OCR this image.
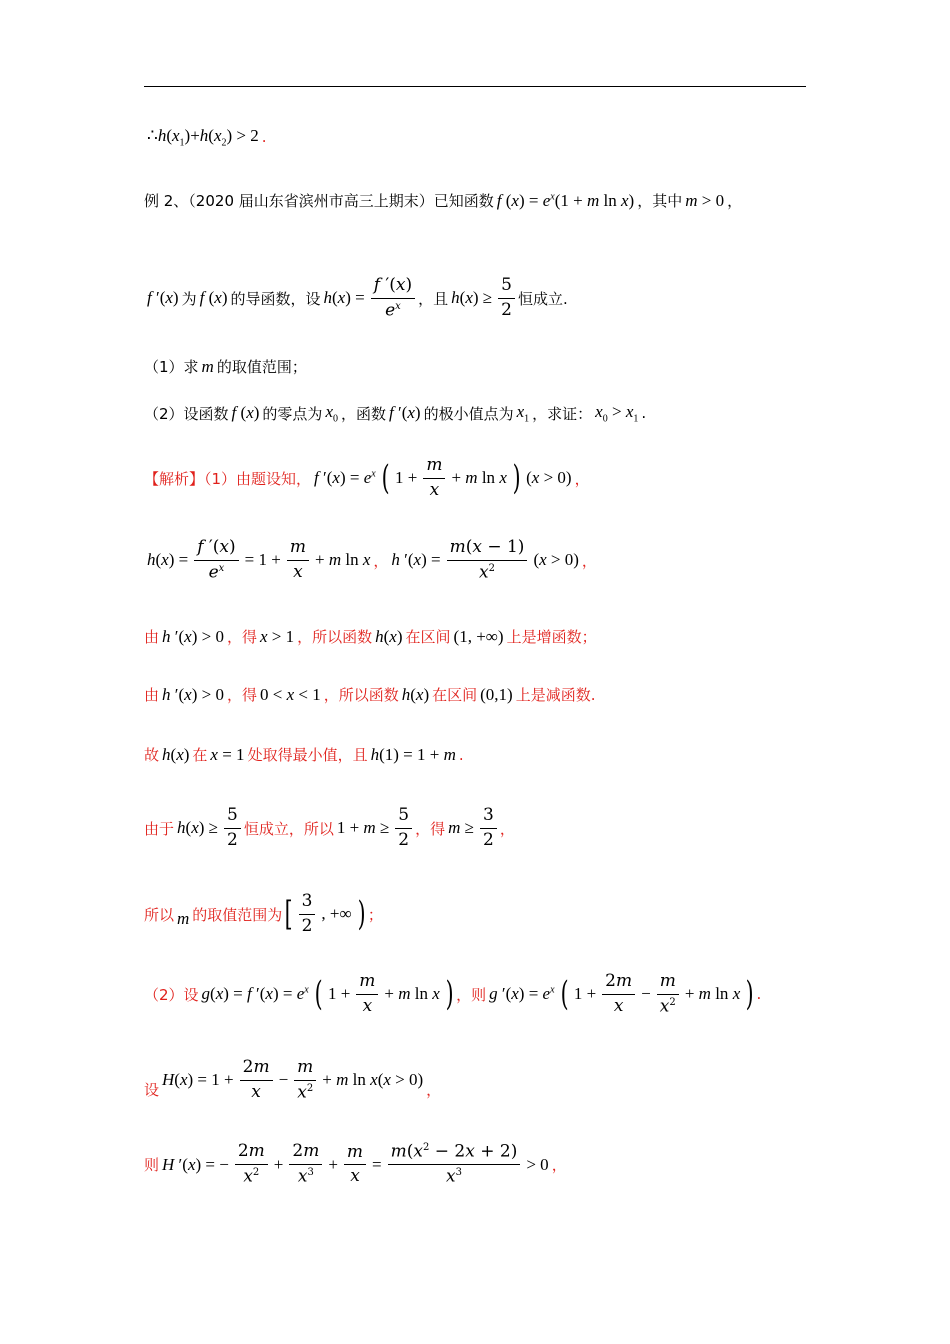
$\therefore h(x_1)+h(x_2) > 2$ .
例 2、（2020 届山东省滨州市高三上期末）已知函数 f $(x) = e^x(1 + m$ ln x) ，其中 m > 0 ，
f ′(x) 为 f (x) 的导函数，设 $h(x) = \frac{f '(x)}{e^x}$ ，且 $h(x) \ge \frac{5}{2}$ 恒成立.
（1）求 m 的取值范围；
（2）设函数 f (x) 的零点为 $x_0$ ，函数 f ′(x) 的极小值点为 $x_1$ ，求证： $x_0 > x_1$ .
【解析】（1）由题设知， f $'(x) = e^x$ ( $1 + \frac{m}{x} + m$ ln x ) (x > 0) ，
$h(x) = \frac{f '(x)}{e^x} = 1 + \frac{m}{x} + m$ ln x ， h $'(x) = \frac{m(x - 1)}{x^2} (x > 0)$ ，
由 h ′(x) > 0 ，得 x > 1 ，所以函数 h(x) 在区间 (1, +∞) 上是增函数；
由 h ′(x) > 0 ，得 0 < x < 1 ，所以函数 h(x) 在区间 (0,1) 上是减函数.
故 h(x) 在 x = 1 处取得最小值，且 h(1) = 1 + m .
由于 $h(x) \ge \frac{5}{2}$ 恒成立，所以 $1 + m \ge \frac{5}{2}$ ，得 $m \ge \frac{3}{2}$ ，
所以 m 的取值范围为 [ $\frac{3}{2}$ , +∞ ) ；
（2）设 g(x) = f $'(x) = e^x$ ( $1 + \frac{m}{x} + m$ ln x ) ，则 g $'(x) = e^x$ ( $1 + \frac{2m}{x} - \frac{m}{x^2} + m$ ln x ) .
设
$H(x) = 1 + \frac{2m}{x} - \frac{m}{x^2} + m$ ln x(x > 0)
，
则 H ′(x) = − $\frac{2m}{x^2} + \frac{2m}{x^3} + \frac{m}{x} = \frac{m(x^2 - 2x + 2)}{x^3} > 0$ ，
